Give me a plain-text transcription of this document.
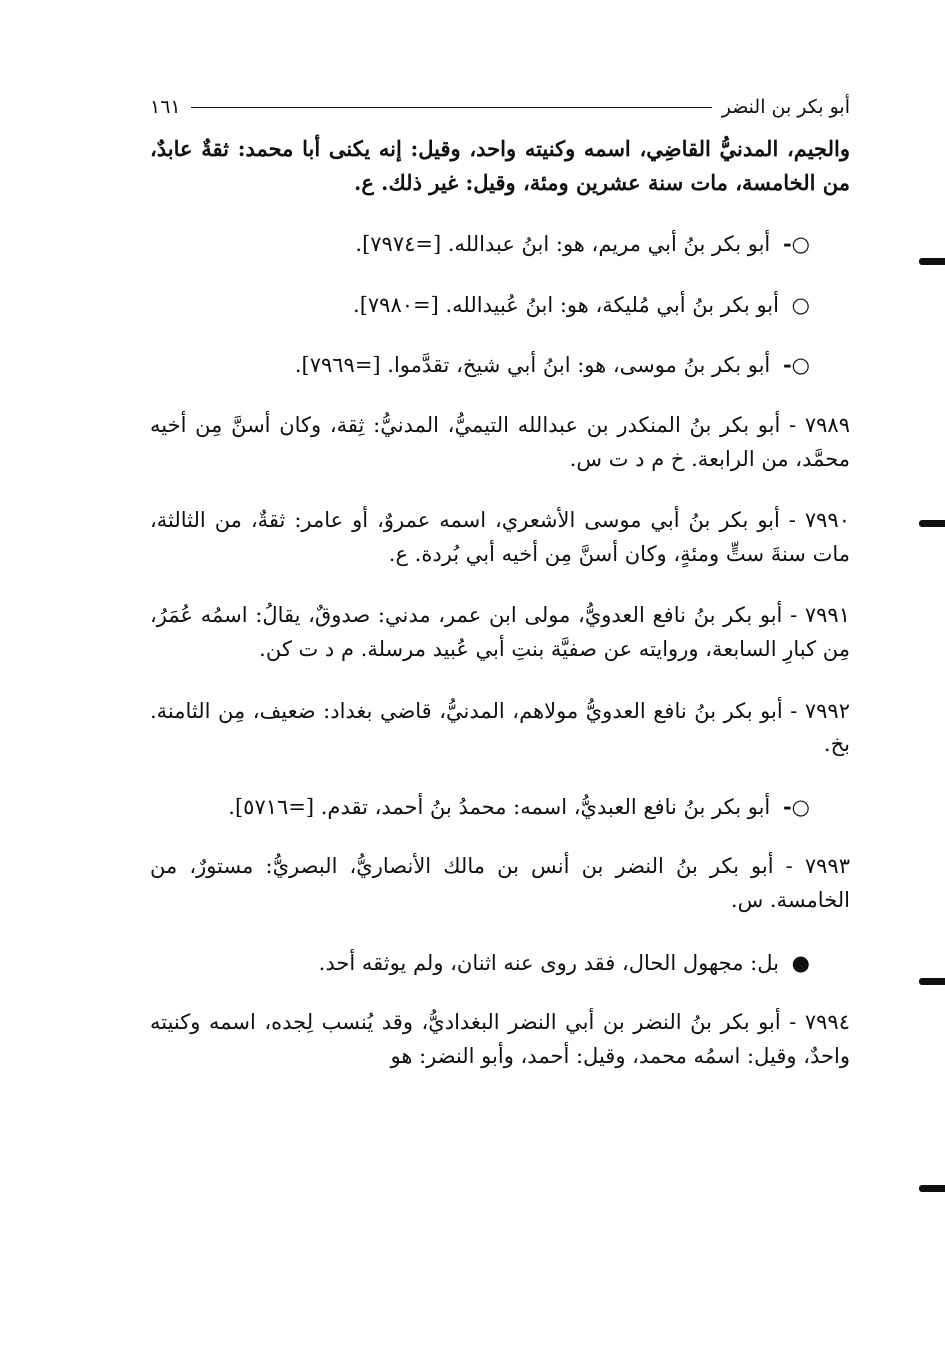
أبو بكر بن النضر
١٦١

والجيم، المدنيُّ القاضِي، اسمه وكنيته واحد، وقيل: إنه يكنى أبا محمد: ثقةٌ عابدٌ، من الخامسة، مات سنة عشرين ومئة، وقيل: غير ذلك. ع.

○- أبو بكر بنُ أبي مريم، هو: ابنُ عبدالله. [=٧٩٧٤].

○ أبو بكر بنُ أبي مُليكة، هو: ابنُ عُبيدالله. [=٧٩٨٠].

○- أبو بكر بنُ موسى، هو: ابنُ أبي شيخ، تقدَّموا. [=٧٩٦٩].

٧٩٨٩ - أبو بكر بنُ المنكدر بن عبدالله التيميُّ، المدنيُّ: ثِقة، وكان أسنَّ مِن أخيه محمَّد، من الرابعة. خ م د ت س.

٧٩٩٠ - أبو بكر بنُ أبي موسى الأشعري، اسمه عمروٌ، أو عامر: ثقةٌ، من الثالثة، مات سنةَ ستٍّ ومئةٍ، وكان أسنَّ مِن أخيه أبي بُردة. ع.

٧٩٩١ - أبو بكر بنُ نافع العدويُّ، مولى ابن عمر، مدني: صدوقٌ، يقالُ: اسمُه عُمَرُ، مِن كبارِ السابعة، وروايته عن صفيَّة بنتِ أبي عُبيد مرسلة. م د ت كن.

٧٩٩٢ - أبو بكر بنُ نافع العدويُّ مولاهم، المدنيُّ، قاضي بغداد: ضعيف، مِن الثامنة. بخ.

○- أبو بكر بنُ نافع العبديُّ، اسمه: محمدُ بنُ أحمد، تقدم. [=٥٧١٦].

٧٩٩٣ - أبو بكر بنُ النضر بن أنس بن مالك الأنصاريُّ، البصريُّ: مستورٌ، من الخامسة. س.

● بل: مجهول الحال، فقد روى عنه اثنان، ولم يوثقه أحد.

٧٩٩٤ - أبو بكر بنُ النضر بن أبي النضر البغداديُّ، وقد يُنسب لِجده، اسمه وكنيته واحدٌ، وقيل: اسمُه محمد، وقيل: أحمد، وأبو النضر: هو
